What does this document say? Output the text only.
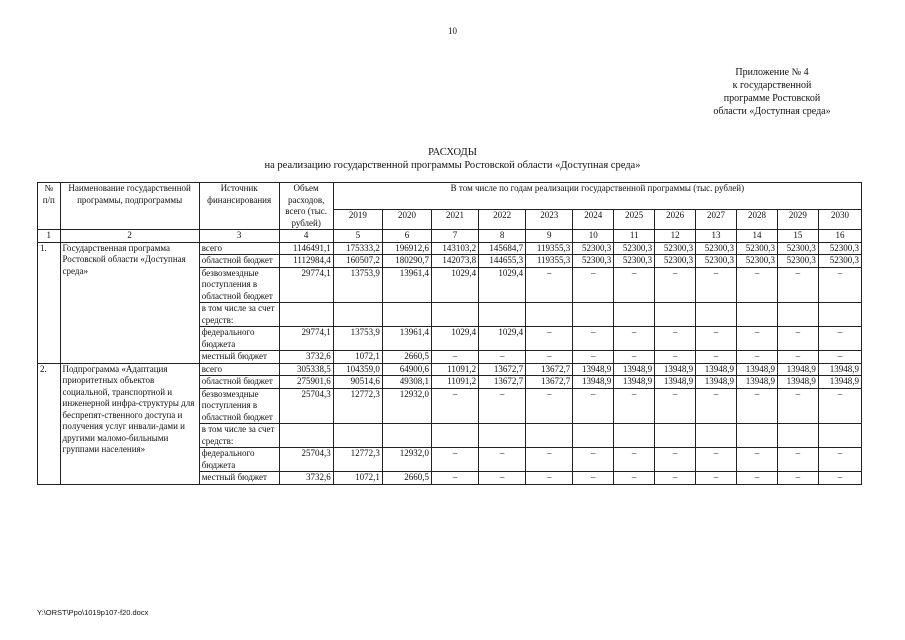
10
Приложение № 4
к государственной
программе Ростовской
области «Доступная среда»
РАСХОДЫ
на реализацию государственной программы Ростовской области «Доступная среда»
№ п/п	Наименование государственной программы, подпрограммы	Источник финансирования	Объем расходов, всего (тыс. рублей)	В том числе по годам реализации государственной программы (тыс. рублей)											
				2019	2020	2021	2022	2023	2024	2025	2026	2027	2028	2029	2030
1	2	3	4	5	6	7	8	9	10	11	12	13	14	15	16
1.	Государственная программа Ростовской области «Доступная среда»	всего	1146491,1	175333,2	196912,6	143103,2	145684,7	119355,3	52300,3	52300,3	52300,3	52300,3	52300,3	52300,3	52300,3
		областной бюджет	1112984,4	160507,2	180290,7	142073,8	144655,3	119355,3	52300,3	52300,3	52300,3	52300,3	52300,3	52300,3	52300,3
		безвозмездные поступления в областной бюджет	29774,1	13753,9	13961,4	1029,4	1029,4	–	–	–	–	–	–	–	–
		в том числе за счет средств:													
		федерального бюджета	29774,1	13753,9	13961,4	1029,4	1029,4	–	–	–	–	–	–	–	–
		местный бюджет	3732,6	1072,1	2660,5	–	–	–	–	–	–	–	–	–	–
2.	Подпрограмма «Адаптация приоритетных объектов социальной, транспортной и инженерной инфра-структуры для беспрепят-ственного доступа и получения услуг инвали-дами и другими маломо-бильными группами населения»	всего	305338,5	104359,0	64900,6	11091,2	13672,7	13672,7	13948,9	13948,9	13948,9	13948,9	13948,9	13948,9	13948,9
		областной бюджет	275901,6	90514,6	49308,1	11091,2	13672,7	13672,7	13948,9	13948,9	13948,9	13948,9	13948,9	13948,9	13948,9
		безвозмездные поступления в областной бюджет	25704,3	12772,3	12932,0	–	–	–	–	–	–	–	–	–	–
		в том числе за счет средств:													
		федерального бюджета	25704,3	12772,3	12932,0	–	–	–	–	–	–	–	–	–	–
		местный бюджет	3732,6	1072,1	2660,5	–	–	–	–	–	–	–	–	–	–
Y:\ORST\Ppo\1019p107-f20.docx
